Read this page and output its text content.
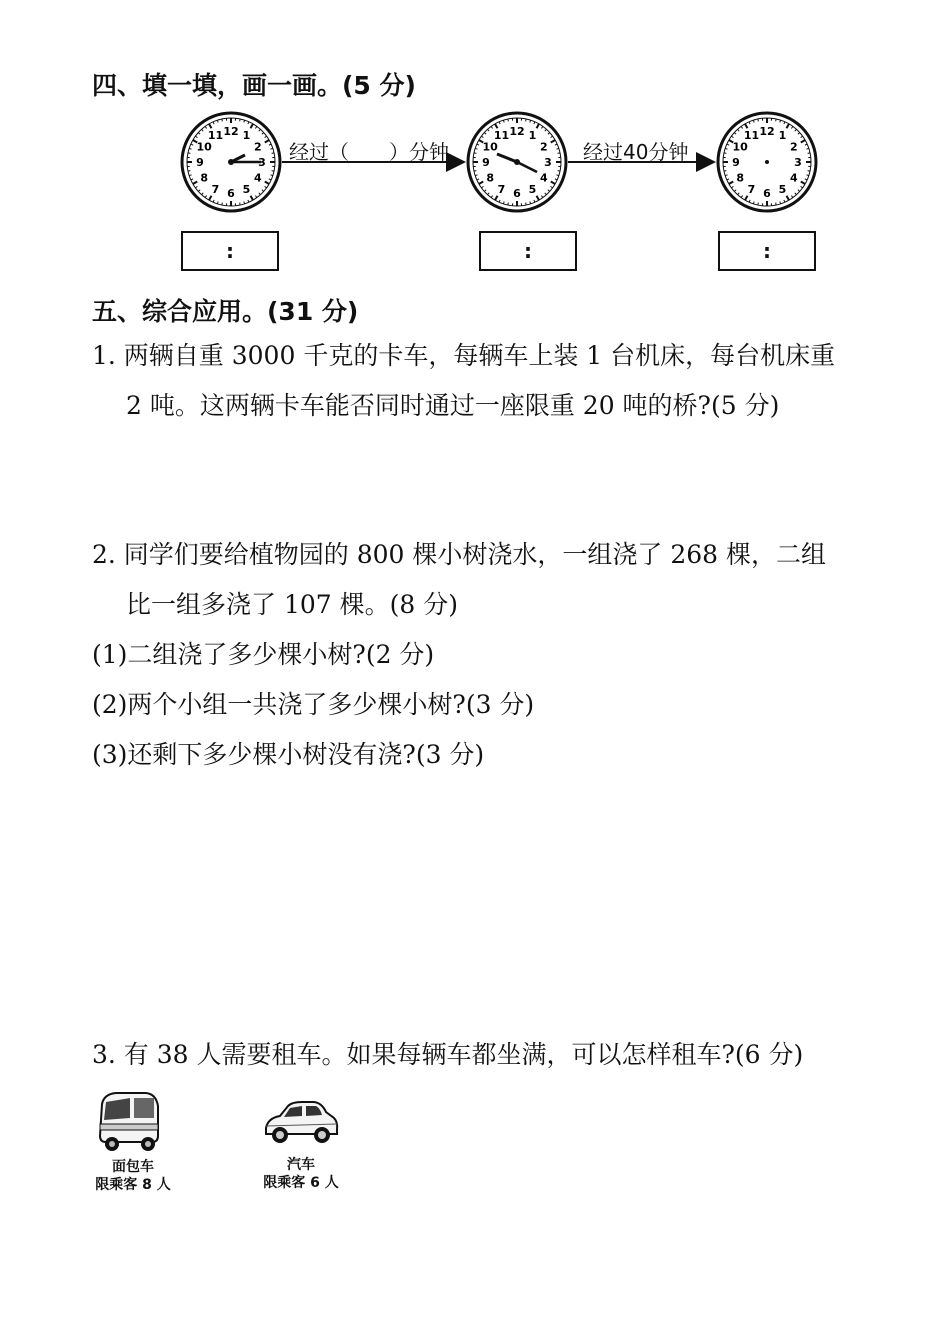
四、填一填，画一画。(5 分)
12 1
2
3
4
5
6
7
8
9
10
11	12 1
2
3
4
5
6
7
8
9
10
11	12 1
2
3
4
5
6
7
8
9
10
11
经过（　　）分钟	经过40分钟
:	:	:
五、综合应用。(31 分)
1. 两辆自重 3000 千克的卡车，每辆车上装 1 台机床，每台机床重
2 吨。这两辆卡车能否同时通过一座限重 20 吨的桥?(5 分)
2. 同学们要给植物园的 800 棵小树浇水，一组浇了 268 棵，二组
比一组多浇了 107 棵。(8 分)
(1)二组浇了多少棵小树?(2 分)
(2)两个小组一共浇了多少棵小树?(3 分)
(3)还剩下多少棵小树没有浇?(3 分)
3. 有 38 人需要租车。如果每辆车都坐满，可以怎样租车?(6 分)
面包车
限乘客 8 人
汽车
限乘客 6 人
